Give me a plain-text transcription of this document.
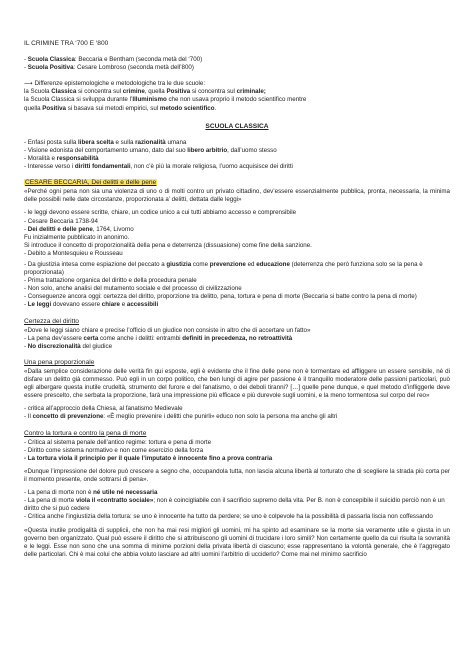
IL CRIMINE TRA ‘700 E ‘800
- Scuola Classica: Beccaria e Bentham (seconda metà del ‘700)
- Scuola Positiva: Cesare Lombroso (seconda metà dell’800)
⟶ Differenze epistemologiche e metodologiche tra le due scuole:
la Scuola Classica si concentra sul crimine, quella Positiva si concentra sul criminale;
la Scuola Classica si sviluppa durante l’Illuminismo che non usava proprio il metodo scientifico mentre
quella Positiva si basava sui metodi empirici, sul metodo scientifico.
SCUOLA CLASSICA
- Enfasi posta sulla libera scelta e sulla razionalità umana
- Visione edonista del comportamento umano, dato dal suo libero arbitrio, dall’uomo stesso
- Moralità e responsabilità
- Interesse verso i diritti fondamentali, non c’è più la morale religiosa, l’uomo acquisisce dei diritti
CESARE BECCARIA, Dei delitti e delle pene
«Perché ogni pena non sia una violenza di uno o di molti contro un privato cittadino, dev’essere essenzialmente pubblica, pronta, necessaria, la minima delle possibili nelle date circostanze, proporzionata a’ delitti, dettata dalle leggi»
- le leggi devono essere scritte, chiare, un codice unico a cui tutti abbiamo accesso e comprensibile
- Cesare Beccaria 1738-94
- Dei delitti e delle pene, 1764, Livorno
Fu inizialmente pubblicato in anonimo.
Si introduce il concetto di proporzionalità della pena e deterrenza (dissuasione) come fine della sanzione.
- Debito a Montesquieu e Rousseau
- Da giustizia intesa come espiazione del peccato a giustizia come prevenzione ed educazione (deterrenza che però funziona solo se la pena è proporzionata)
- Prima trattazione organica del diritto e della procedura penale
- Non solo, anche analisi del mutamento sociale e del processo di civilizzazione
- Conseguenze ancora oggi: certezza del diritto, proporzione tra delitto, pena, tortura e pena di morte (Beccaria si batte contro la pena di morte)
- Le leggi dovevano essere chiare e accessibili
Certezza del diritto
«Dove le leggi siano chiare e precise l’officio di un giudice non consiste in altro che di accertare un fatto»
- La pena dev’essere certa come anche i delitti: entrambi definiti in precedenza, no retroattività
- No discrezionalità del giudice
Una pena proporzionale
«Dalla semplice considerazione delle verità fin qui esposte, egli è evidente che il fine delle pene non è tormentare ed affliggere un essere sensibile, né di disfare un delitto già commesso. Può egli in un corpo politico, che ben lungi di agire per passione è il tranquillo moderatore delle passioni particolari, può egli albergare questa inutile crudeltà, strumento del furore e del fanatismo, o dei deboli tiranni? […] quelle pene dunque, e quel metodo d’infliggerle deve essere prescelto, che serbata la proporzione, farà una impressione più efficace e più durevole sugli uomini, e la meno tormentosa sul corpo del reo»
- critica all’approccio della Chiesa, al fanatismo Medievale
- Il concetto di prevenzione: «È meglio prevenire i delitti che punirli» educo non solo la persona ma anche gli altri
Contro la tortura e contro la pena di morte
- Critica al sistema penale dell’antico regime: tortura e pena di morte
- Diritto come sistema normativo e non come esercizio della forza
- La tortura viola il principio per il quale l’imputato è innocente fino a prova contraria
«Dunque l’impressione del dolore può crescere a segno che, occupandola tutta, non lascia alcuna libertà al torturato che di scegliere la strada più corta per il momento presente, onde sottrarsi di pena».
- La pena di morte non è né utile né necessaria
- La pena di morte viola il «contratto sociale»; non è coincigliabile con il sacrificio supremo della vita. Per B. non è concepibile il suicidio perciò non è un diritto che si può cedere
- Critica anche l’ingiustizia della tortura: se uno è innocente ha tutto da perdere; se uno è colpevole ha la possibilità di passarla liscia non coffessando
«Questa inutile prodigalità di supplicii, che non ha mai resi migliori gli uomini, mi ha spinto ad esaminare se la morte sia veramente utile e giusta in un governo ben organizzato. Qual può essere il diritto che si attribuiscono gli uomini di trucidare i loro simili? Non certamente quello da cui risulta la sovranità e le leggi. Esse non sono che una somma di minime porzioni della privata libertà di ciascuno; esse rappresentano la volontà generale, che è l’aggregato delle particolari. Chi è mai colui che abbia voluto lasciare ad altri uomini l’arbitrio di ucciderlo? Come mai nel minimo sacrificio
